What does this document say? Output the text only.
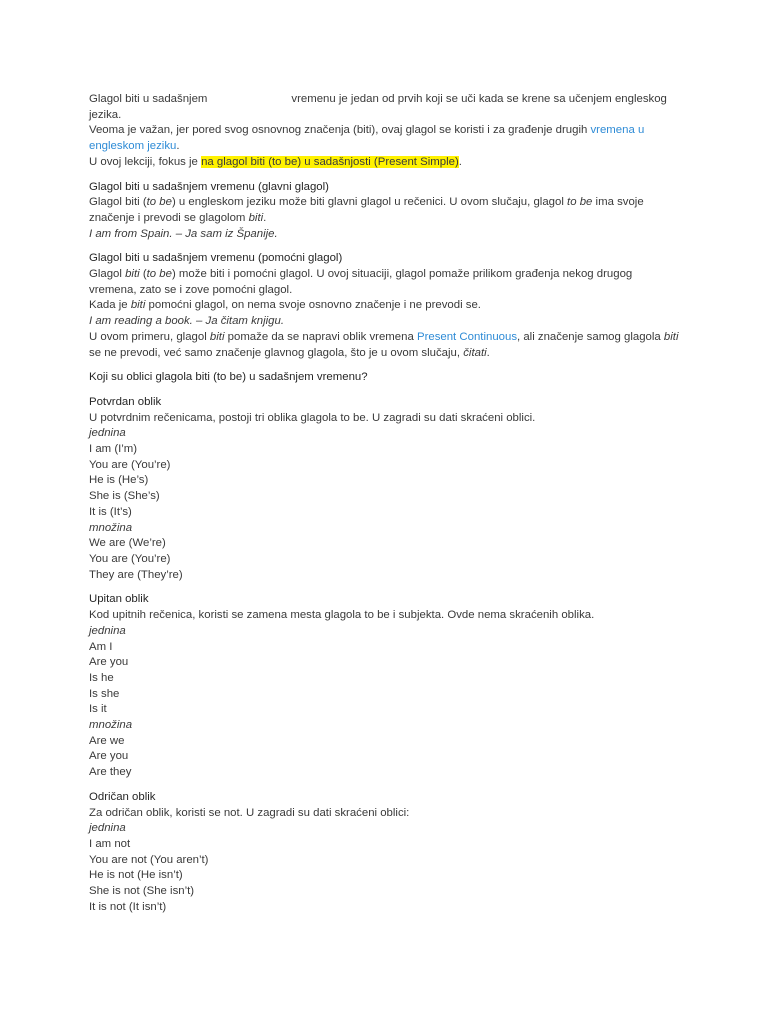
Glagol biti u sadašnjem	vremenu je jedan od prvih koji se uči kada se krene sa učenjem engleskog jezika.

Veoma je važan, jer pored svog osnovnog značenja (biti), ovaj glagol se koristi i za građenje drugih vremena u engleskom jeziku.

U ovoj lekciji, fokus je na glagol biti (to be) u sadašnjosti (Present Simple).

Glagol biti u sadašnjem vremenu (glavni glagol)

Glagol biti (to be) u engleskom jeziku može biti glavni glagol u rečenici. U ovom slučaju, glagol to be ima svoje značenje i prevodi se glagolom biti.

I am from Spain. – Ja sam iz Španije.

Glagol biti u sadašnjem vremenu (pomoćni glagol)

Glagol biti (to be) može biti i pomoćni glagol. U ovoj situaciji, glagol pomaže prilikom građenja nekog drugog vremena, zato se i zove pomoćni glagol.

Kada je biti pomoćni glagol, on nema svoje osnovno značenje i ne prevodi se.

I am reading a book. – Ja čitam knjigu.

U ovom primeru, glagol biti pomaže da se napravi oblik vremena Present Continuous, ali značenje samog glagola biti se ne prevodi, već samo značenje glavnog glagola, što je u ovom slučaju, čitati.

Koji su oblici glagola biti (to be) u sadašnjem vremenu?

Potvrdan oblik

U potvrdnim rečenicama, postoji tri oblika glagola to be. U zagradi su dati skraćeni oblici.

jednina

I am (I’m)

You are (You’re)

He is (He’s)

She is (She’s)

It is (It’s)

množina

We are (We’re)

You are (You’re)

They are (They’re)

Upitan oblik

Kod upitnih rečenica, koristi se zamena mesta glagola to be i subjekta. Ovde nema skraćenih oblika.

jednina

Am I

Are you

Is he

Is she

Is it

množina

Are we

Are you

Are they

Odričan oblik

Za odričan oblik, koristi se not. U zagradi su dati skraćeni oblici:

jednina

I am not

You are not (You aren’t)

He is not (He isn’t)

She is not (She isn’t)

It is not (It isn’t)
